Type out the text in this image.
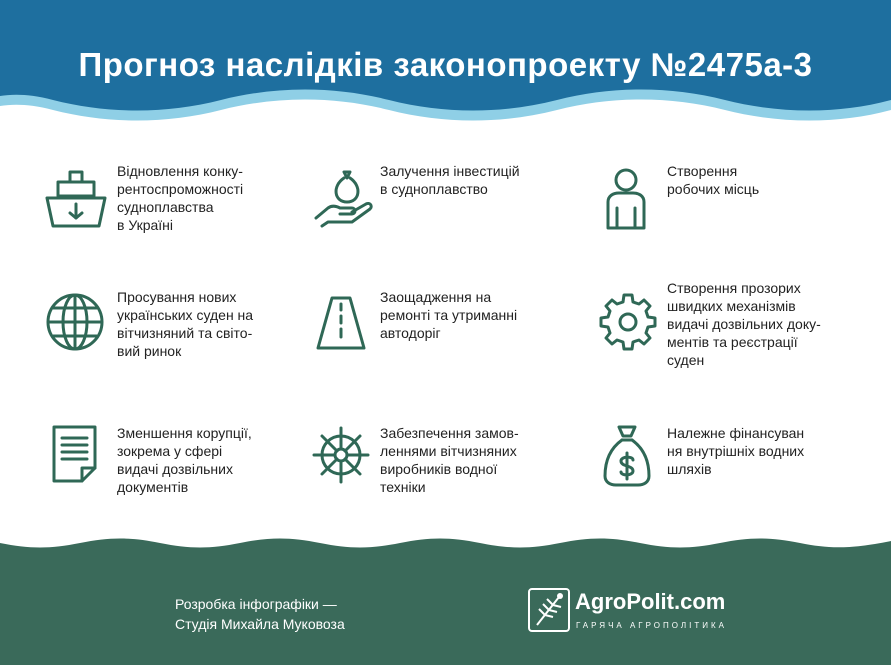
Прогноз наслідків законопроекту №2475а-3
Відновлення конку-
рентоспроможності
судноплавства
в Україні
Залучення інвестицій
в судноплавство
Створення
робочих місць
Просування нових
українських суден на
вітчизняний та світо-
вий ринок
Заощадження на
ремонті та утриманні
автодоріг
Створення прозорих
швидких механізмів
видачі дозвільних доку-
ментів та реєстрації
суден
Зменшення корупції,
зокрема у сфері
видачі дозвільних
документів
Забезпечення замов-
леннями вітчизняних
виробників водної
техніки
Належне фінансуван
ня внутрішніх водних
шляхів
Розробка інфографіки —
Студія Михайла Муковоза
AgroPolit.com
ГАРЯЧА АГРОПОЛІТИКА
